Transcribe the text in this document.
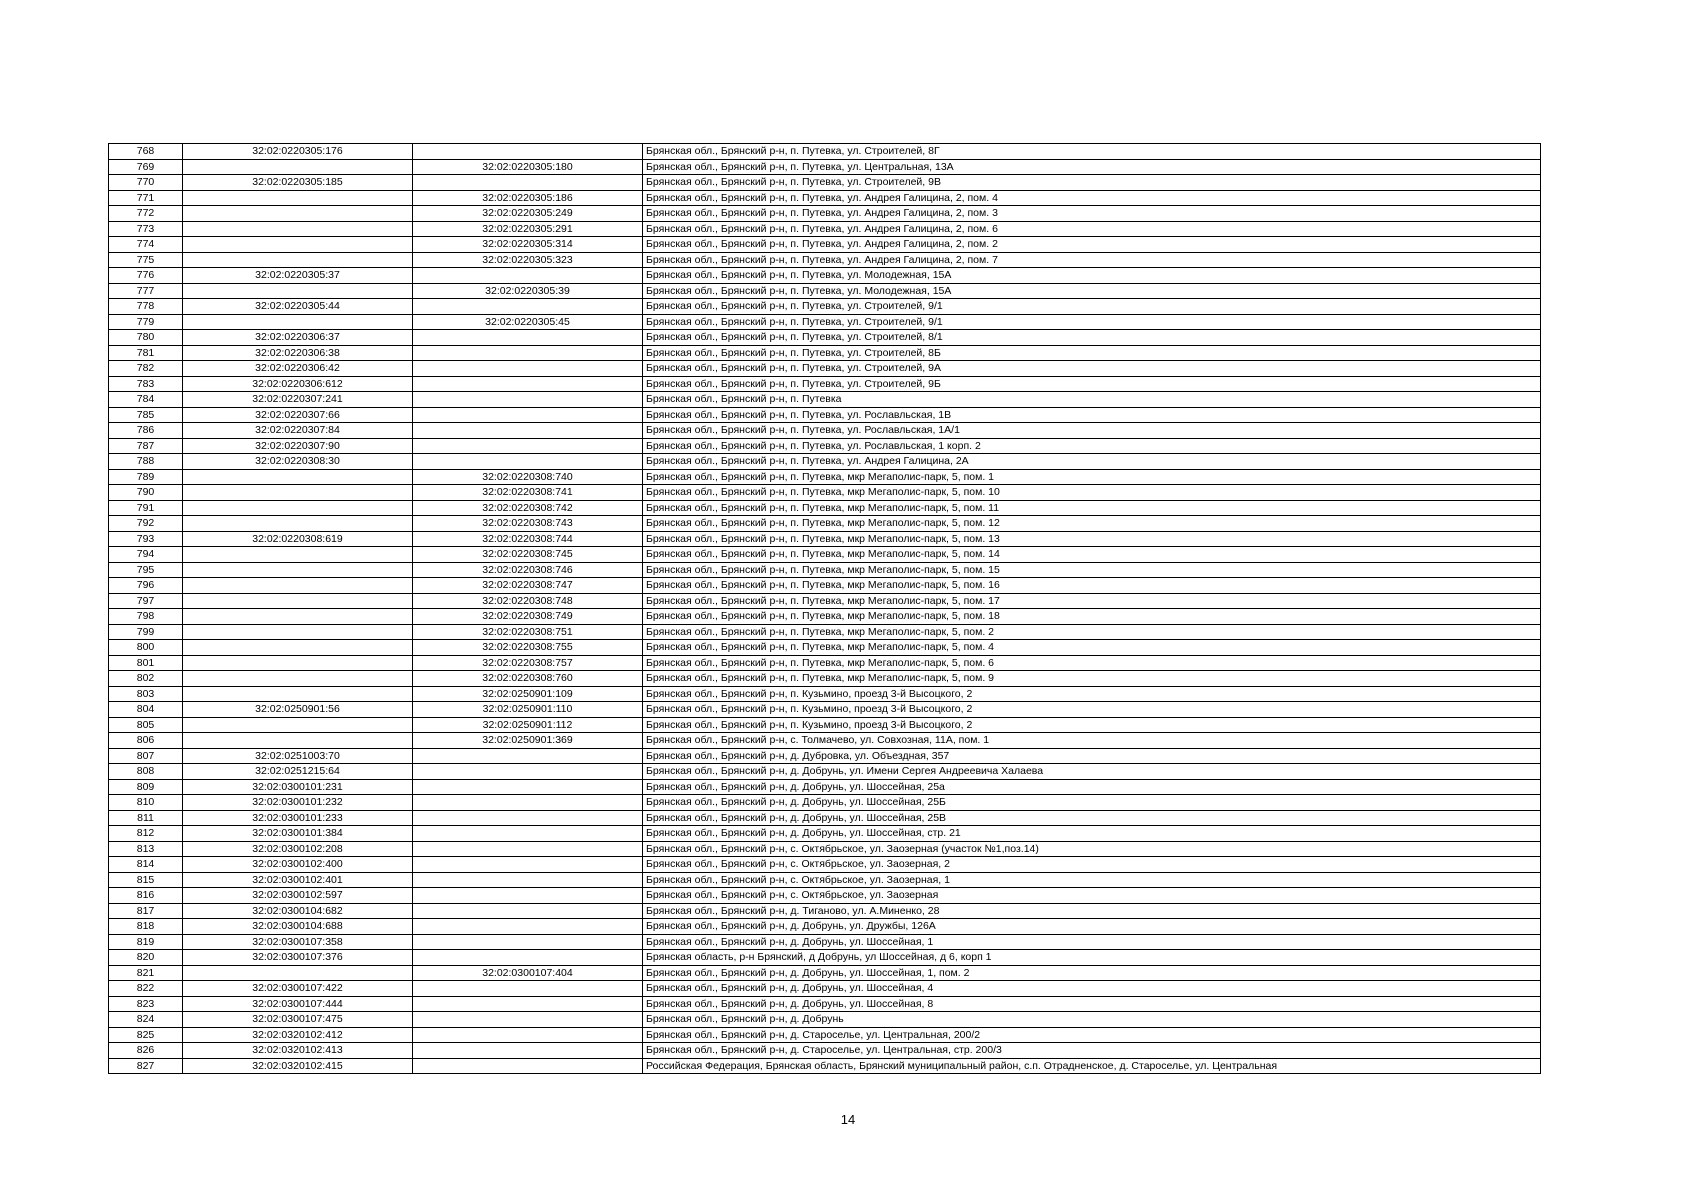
768	32:02:0220305:176		Брянская обл., Брянский р-н, п. Путевка, ул. Строителей, 8Г
769		32:02:0220305:180	Брянская обл., Брянский р-н, п. Путевка, ул. Центральная, 13А
770	32:02:0220305:185		Брянская обл., Брянский р-н, п. Путевка, ул. Строителей, 9В
771		32:02:0220305:186	Брянская обл., Брянский р-н, п. Путевка, ул. Андрея Галицина, 2, пом. 4
772		32:02:0220305:249	Брянская обл., Брянский р-н, п. Путевка, ул. Андрея Галицина, 2, пом. 3
773		32:02:0220305:291	Брянская обл., Брянский р-н, п. Путевка, ул. Андрея Галицина, 2, пом. 6
774		32:02:0220305:314	Брянская обл., Брянский р-н, п. Путевка, ул. Андрея Галицина, 2, пом. 2
775		32:02:0220305:323	Брянская обл., Брянский р-н, п. Путевка, ул. Андрея Галицина, 2, пом. 7
776	32:02:0220305:37		Брянская обл., Брянский р-н, п. Путевка, ул. Молодежная, 15А
777		32:02:0220305:39	Брянская обл., Брянский р-н, п. Путевка, ул. Молодежная, 15А
778	32:02:0220305:44		Брянская обл., Брянский р-н, п. Путевка, ул. Строителей, 9/1
779		32:02:0220305:45	Брянская обл., Брянский р-н, п. Путевка, ул. Строителей, 9/1
780	32:02:0220306:37		Брянская обл., Брянский р-н, п. Путевка, ул. Строителей, 8/1
781	32:02:0220306:38		Брянская обл., Брянский р-н, п. Путевка, ул. Строителей, 8Б
782	32:02:0220306:42		Брянская обл., Брянский р-н, п. Путевка, ул. Строителей, 9А
783	32:02:0220306:612		Брянская обл., Брянский р-н, п. Путевка, ул. Строителей, 9Б
784	32:02:0220307:241		Брянская обл., Брянский р-н, п. Путевка
785	32:02:0220307:66		Брянская обл., Брянский р-н, п. Путевка, ул. Рославльская, 1В
786	32:02:0220307:84		Брянская обл., Брянский р-н, п. Путевка, ул. Рославльская, 1А/1
787	32:02:0220307:90		Брянская обл., Брянский р-н, п. Путевка, ул. Рославльская, 1 корп. 2
788	32:02:0220308:30		Брянская обл., Брянский р-н, п. Путевка, ул. Андрея Галицина, 2А
789		32:02:0220308:740	Брянская обл., Брянский р-н, п. Путевка, мкр Мегаполис-парк, 5, пом. 1
790		32:02:0220308:741	Брянская обл., Брянский р-н, п. Путевка, мкр Мегаполис-парк, 5, пом. 10
791		32:02:0220308:742	Брянская обл., Брянский р-н, п. Путевка, мкр Мегаполис-парк, 5, пом. 11
792		32:02:0220308:743	Брянская обл., Брянский р-н, п. Путевка, мкр Мегаполис-парк, 5, пом. 12
793	32:02:0220308:619	32:02:0220308:744	Брянская обл., Брянский р-н, п. Путевка, мкр Мегаполис-парк, 5, пом. 13
794		32:02:0220308:745	Брянская обл., Брянский р-н, п. Путевка, мкр Мегаполис-парк, 5, пом. 14
795		32:02:0220308:746	Брянская обл., Брянский р-н, п. Путевка, мкр Мегаполис-парк, 5, пом. 15
796		32:02:0220308:747	Брянская обл., Брянский р-н, п. Путевка, мкр Мегаполис-парк, 5, пом. 16
797		32:02:0220308:748	Брянская обл., Брянский р-н, п. Путевка, мкр Мегаполис-парк, 5, пом. 17
798		32:02:0220308:749	Брянская обл., Брянский р-н, п. Путевка, мкр Мегаполис-парк, 5, пом. 18
799		32:02:0220308:751	Брянская обл., Брянский р-н, п. Путевка, мкр Мегаполис-парк, 5, пом. 2
800		32:02:0220308:755	Брянская обл., Брянский р-н, п. Путевка, мкр Мегаполис-парк, 5, пом. 4
801		32:02:0220308:757	Брянская обл., Брянский р-н, п. Путевка, мкр Мегаполис-парк, 5, пом. 6
802		32:02:0220308:760	Брянская обл., Брянский р-н, п. Путевка, мкр Мегаполис-парк, 5, пом. 9
803		32:02:0250901:109	Брянская обл., Брянский р-н, п. Кузьмино, проезд 3-й Высоцкого, 2
804	32:02:0250901:56	32:02:0250901:110	Брянская обл., Брянский р-н, п. Кузьмино, проезд 3-й Высоцкого, 2
805		32:02:0250901:112	Брянская обл., Брянский р-н, п. Кузьмино, проезд 3-й Высоцкого, 2
806		32:02:0250901:369	Брянская обл., Брянский р-н, с. Толмачево, ул. Совхозная, 11А, пом. 1
807	32:02:0251003:70		Брянская обл., Брянский р-н, д. Дубровка, ул. Объездная, 357
808	32:02:0251215:64		Брянская обл., Брянский р-н, д. Добрунь, ул. Имени Сергея Андреевича Халаева
809	32:02:0300101:231		Брянская обл., Брянский р-н, д. Добрунь, ул. Шоссейная, 25а
810	32:02:0300101:232		Брянская обл., Брянский р-н, д. Добрунь, ул. Шоссейная, 25Б
811	32:02:0300101:233		Брянская обл., Брянский р-н, д. Добрунь, ул. Шоссейная, 25В
812	32:02:0300101:384		Брянская обл., Брянский р-н, д. Добрунь, ул. Шоссейная, стр. 21
813	32:02:0300102:208		Брянская обл., Брянский р-н, с. Октябрьское, ул. Заозерная (участок №1,поз.14)
814	32:02:0300102:400		Брянская обл., Брянский р-н, с. Октябрьское, ул. Заозерная, 2
815	32:02:0300102:401		Брянская обл., Брянский р-н, с. Октябрьское, ул. Заозерная, 1
816	32:02:0300102:597		Брянская обл., Брянский р-н, с. Октябрьское, ул. Заозерная
817	32:02:0300104:682		Брянская обл., Брянский р-н, д. Тиганово, ул. А.Миненко, 28
818	32:02:0300104:688		Брянская обл., Брянский р-н, д. Добрунь, ул. Дружбы, 126А
819	32:02:0300107:358		Брянская обл., Брянский р-н, д. Добрунь, ул. Шоссейная, 1
820	32:02:0300107:376		Брянская область, р-н Брянский, д Добрунь, ул Шоссейная, д 6, корп 1
821		32:02:0300107:404	Брянская обл., Брянский р-н, д. Добрунь, ул. Шоссейная, 1, пом. 2
822	32:02:0300107:422		Брянская обл., Брянский р-н, д. Добрунь, ул. Шоссейная, 4
823	32:02:0300107:444		Брянская обл., Брянский р-н, д. Добрунь, ул. Шоссейная, 8
824	32:02:0300107:475		Брянская обл., Брянский р-н, д. Добрунь
825	32:02:0320102:412		Брянская обл., Брянский р-н, д. Староселье, ул. Центральная, 200/2
826	32:02:0320102:413		Брянская обл., Брянский р-н, д. Староселье, ул. Центральная, стр. 200/3
827	32:02:0320102:415		Российская Федерация, Брянская область, Брянский муниципальный район, с.п. Отрадненское, д. Староселье, ул. Центральная
14
